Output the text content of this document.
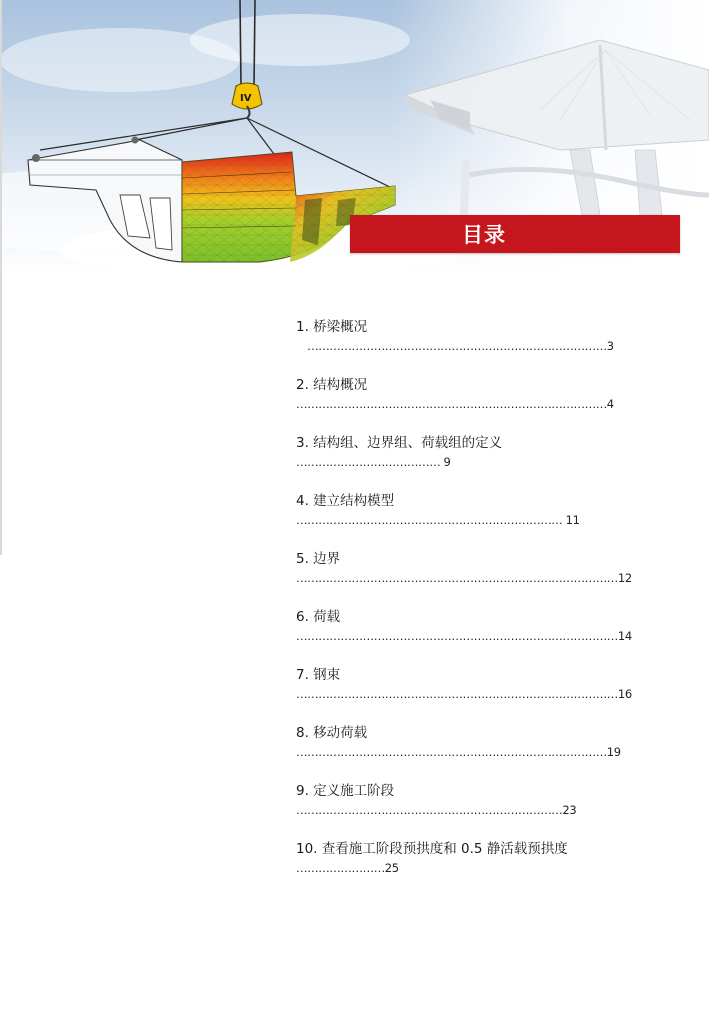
IV
目录
1. 桥梁概况
　………………………………………………………………………3
2. 结构概况
…………………………………………………………………………4
3. 结构组、边界组、荷载组的定义
………………………………… 9
4. 建立结构模型
……………………………………………………………… 11
5. 边界
……………………………………………………………………………12
6. 荷载
……………………………………………………………………………14
7. 钢束
……………………………………………………………………………16
8. 移动荷载
…………………………………………………………………………19
9. 定义施工阶段
………………………………………………………………23
10. 查看施工阶段预拱度和 0.5 静活载预拱度
……………………25
